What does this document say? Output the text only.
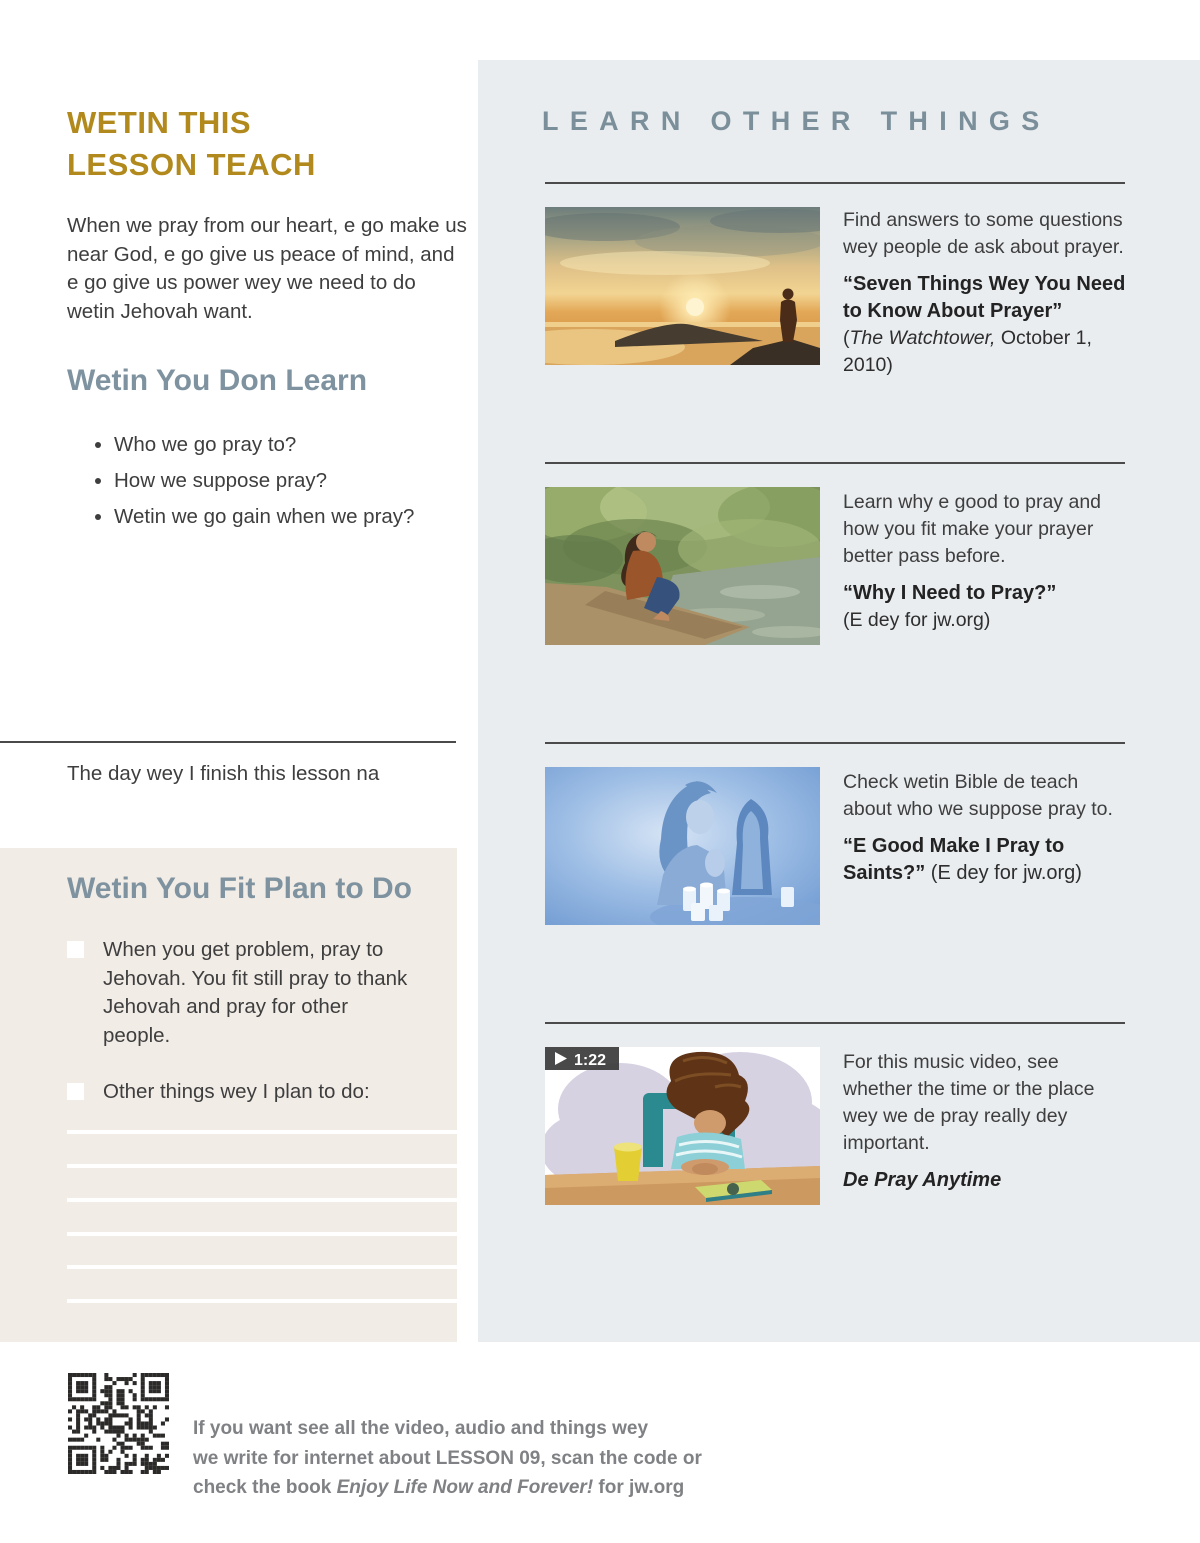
WETIN THIS
LESSON TEACH

When we pray from our heart, e go make us near God, e go give us peace of mind, and e go give us power wey we need to do wetin Jehovah want.

Wetin You Don Learn
• Who we go pray to?
• How we suppose pray?
• Wetin we go gain when we pray?

The day wey I finish this lesson na

Wetin You Fit Plan to Do

When you get problem, pray to Jehovah. You fit still pray to thank Jehovah and pray for other people.

Other things wey I plan to do:

LEARN OTHER THINGS

Find answers to some questions wey people de ask about prayer.

“Seven Things Wey You Need to Know About Prayer”

(The Watchtower, October 1, 2010)

Learn why e good to pray and how you fit make your prayer better pass before.

“Why I Need to Pray?”

(E dey for jw.org)

Check wetin Bible de teach about who we suppose pray to.

“E Good Make I Pray to Saints?” (E dey for jw.org)

1:22	For this music video, see whether the time or the place wey we de pray really dey important.

De Pray Anytime

If you want see all the video, audio and things wey
we write for internet about LESSON 09, scan the code or
check the book Enjoy Life Now and Forever! for jw.org
